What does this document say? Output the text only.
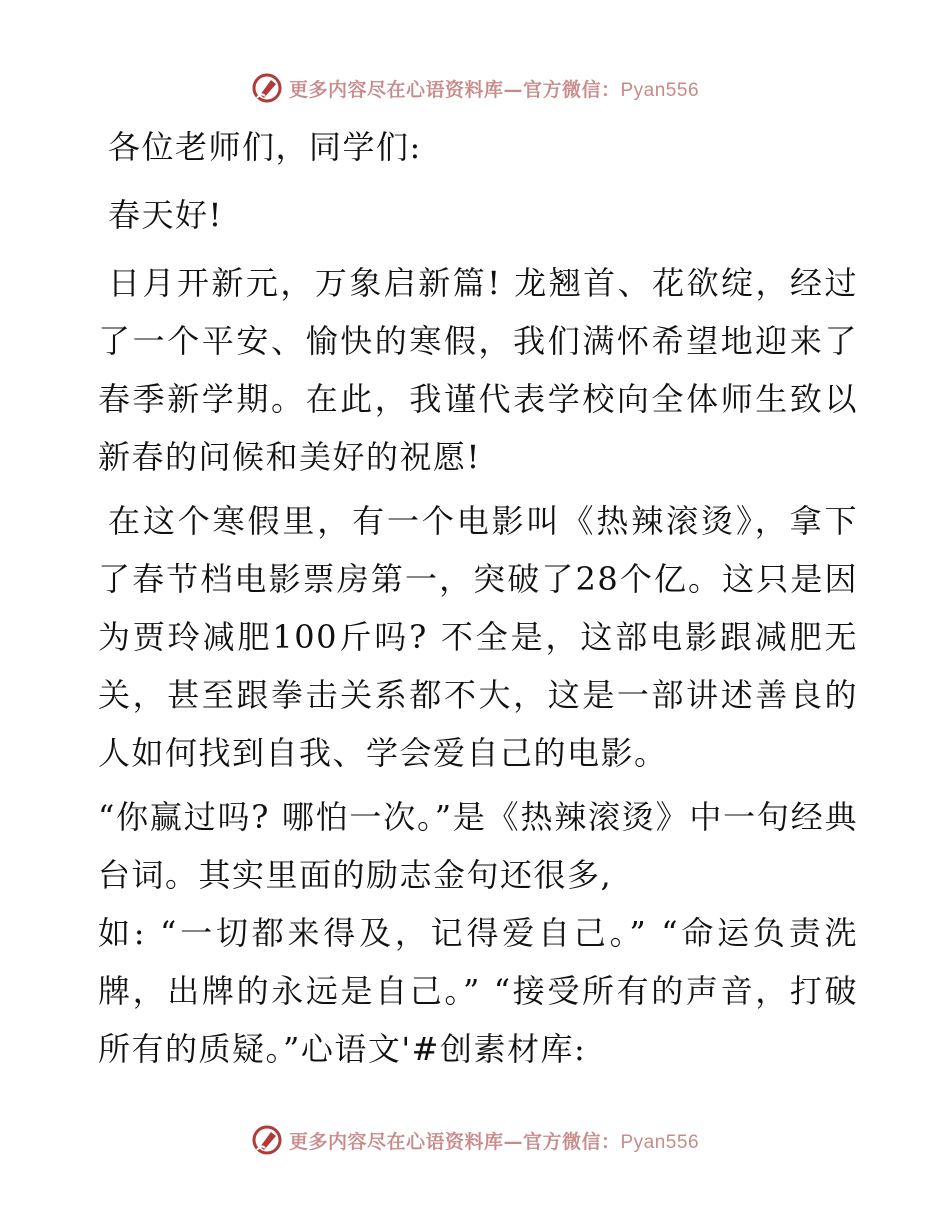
更多内容尽在心语资料库—官方微信：Pyan556

各位老师们，同学们:

春天好!

日月开新元，万象启新篇! 龙翘首、花欲绽，经过了一个平安、愉快的寒假，我们满怀希望地迎来了春季新学期。在此，我谨代表学校向全体师生致以新春的问候和美好的祝愿!

在这个寒假里，有一个电影叫《热辣滚烫》，拿下了春节档电影票房第一，突破了28个亿。这只是因为贾玲减肥100斤吗? 不全是，这部电影跟减肥无关，甚至跟拳击关系都不大，这是一部讲述善良的人如何找到自我、学会爱自己的电影。

“你赢过吗? 哪怕一次。”是《热辣滚烫》中一句经典台词。其实里面的励志金句还很多,

如: “一切都来得及，记得爱自己。” “命运负责洗牌，出牌的永远是自己。” “接受所有的声音，打破所有的质疑。”心语文'#创素材库:

更多内容尽在心语资料库—官方微信：Pyan556
